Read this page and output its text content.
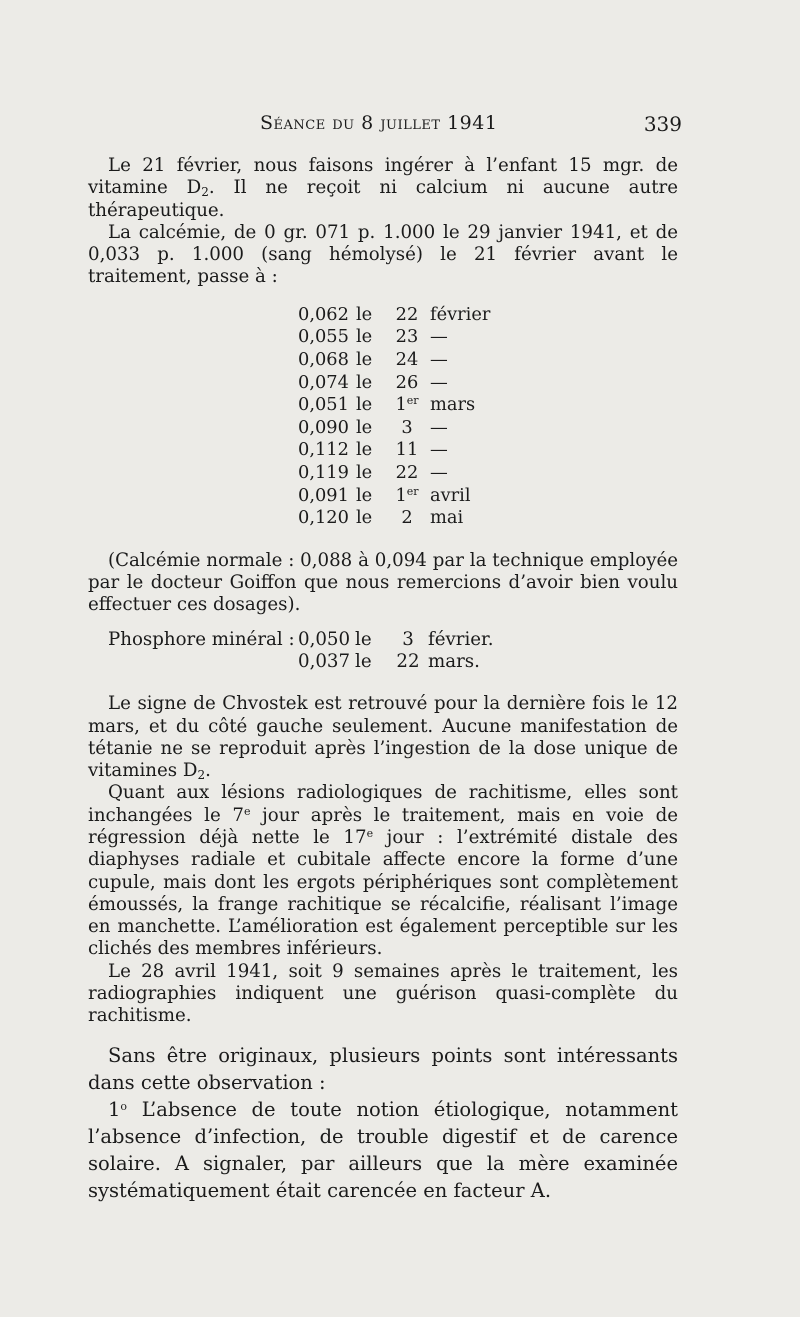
Séance du 8 juillet 1941	339

Le 21 février, nous faisons ingérer à l’enfant 15 mgr. de vitamine $D_2$. Il ne reçoit ni calcium ni aucune autre thérapeutique.

La calcémie, de 0 gr. 071 p. 1.000 le 29 janvier 1941, et de 0,033 p. 1.000 (sang hémolysé) le 21 février avant le traitement, passe à :

0,062 le	22 février
0,055 le	23 —
0,068 le	24 —
0,074 le	26 —
0,051 le	1er mars
0,090 le	3 —
0,112 le	11 —
0,119 le	22 —
0,091 le	1er avril
0,120 le	2 mai

(Calcémie normale : 0,088 à 0,094 par la technique employée par le docteur Goiffon que nous remercions d’avoir bien voulu effectuer ces dosages).

Phosphore minéral : 0,050 le	3 février.
0,037 le	22 mars.

Le signe de Chvostek est retrouvé pour la dernière fois le 12 mars, et du côté gauche seulement. Aucune manifestation de tétanie ne se reproduit après l’ingestion de la dose unique de vitamines $D_2$.

Quant aux lésions radiologiques de rachitisme, elles sont inchangées le 7e jour après le traitement, mais en voie de régression déjà nette le 17e jour : l’extrémité distale des diaphyses radiale et cubitale affecte encore la forme d’une cupule, mais dont les ergots périphériques sont complètement émoussés, la frange rachitique se récalcifie, réalisant l’image en manchette. L’amélioration est également perceptible sur les clichés des membres inférieurs.

Le 28 avril 1941, soit 9 semaines après le traitement, les radiographies indiquent une guérison quasi-complète du rachitisme.

Sans être originaux, plusieurs points sont intéressants dans cette observation :

1$^o$ L’absence de toute notion étiologique, notamment l’absence d’infection, de trouble digestif et de carence solaire. A signaler, par ailleurs que la mère examinée systématiquement était carencée en facteur A.
